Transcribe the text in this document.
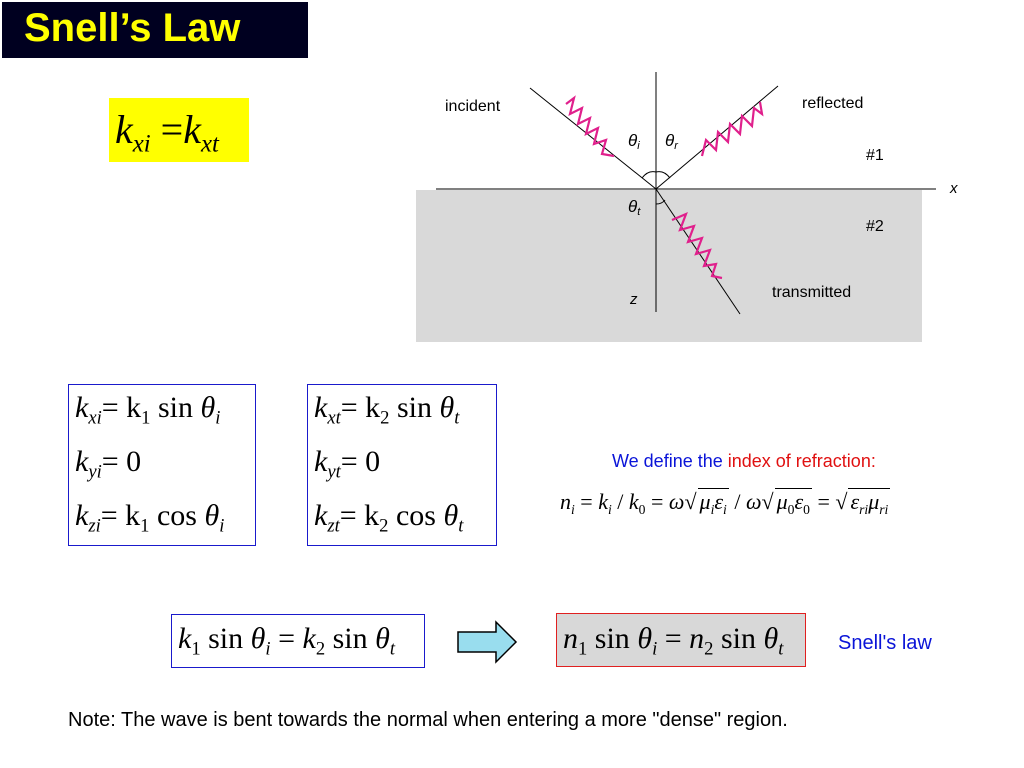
Snell’s Law
$k_{xi} =k_{xt}$
incident	reflected
transmitted
#1
#2
x
z
θi θr
θt
$k_{xi}= k_1$ $\sin \theta_i$
$k_{yi}= 0$
$k_{zi}= k_1$ $\cos \theta_i$
$k_{xt}= k_2$ $\sin \theta_t$
$k_{yt}= 0$
$k_{zt}= k_2$ $\cos \theta_t$
We define the index of refraction:
$n_i = k_i / k_0 = \omega√$ $\mu_i\varepsilon_i / \omega√$ $\mu_0\varepsilon_0$ = √ $\varepsilon_{ri}\mu_{ri}$
$k_1$ $\sin \theta_i = k_2$ $\sin \theta_t$	$n_1$ $\sin \theta_i = n_2$ $\sin \theta_t$	Snell's law
Note: The wave is bent towards the normal when entering a more "dense" region.
